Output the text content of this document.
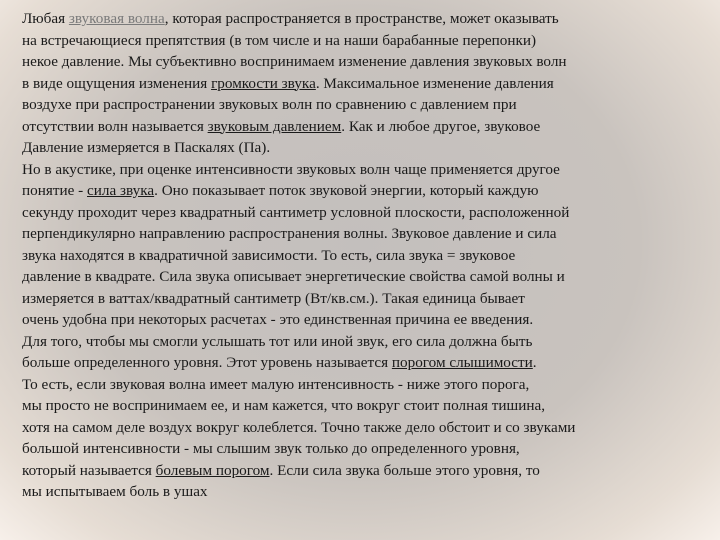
Любая звуковая волна, которая распространяется в пространстве, может оказывать
на встречающиеся препятствия (в том числе и на наши барабанные перепонки)
некое давление. Мы субъективно воспринимаем изменение давления звуковых волн
в виде ощущения изменения громкости звука. Максимальное изменение давления
воздухе при распространении звуковых волн по сравнению с давлением при
отсутствии волн называется звуковым давлением. Как и любое другое, звуковое
Давление измеряется в Паскалях (Па).
Но в акустике, при оценке интенсивности звуковых волн чаще применяется другое
понятие - сила звука. Оно показывает поток звуковой энергии, который каждую
секунду проходит через квадратный сантиметр условной плоскости, расположенной
перпендикулярно направлению распространения волны. Звуковое давление и сила
звука находятся в квадратичной зависимости. То есть, сила звука = звуковое
давление в квадрате. Сила звука описывает энергетические свойства самой волны и
измеряется в ваттах/квадратный сантиметр (Вт/кв.см.). Такая единица бывает
очень удобна при некоторых расчетах - это единственная причина ее введения.
Для того, чтобы мы смогли услышать тот или иной звук, его сила должна быть
больше определенного уровня. Этот уровень называется порогом слышимости.
То есть, если звуковая волна имеет малую интенсивность - ниже этого порога,
мы просто не воспринимаем ее, и нам кажется, что вокруг стоит полная тишина,
хотя на самом деле воздух вокруг колеблется. Точно также дело обстоит и со звуками
большой интенсивности - мы слышим звук только до определенного уровня,
который называется болевым порогом. Если сила звука больше этого уровня, то
мы испытываем боль в ушах
